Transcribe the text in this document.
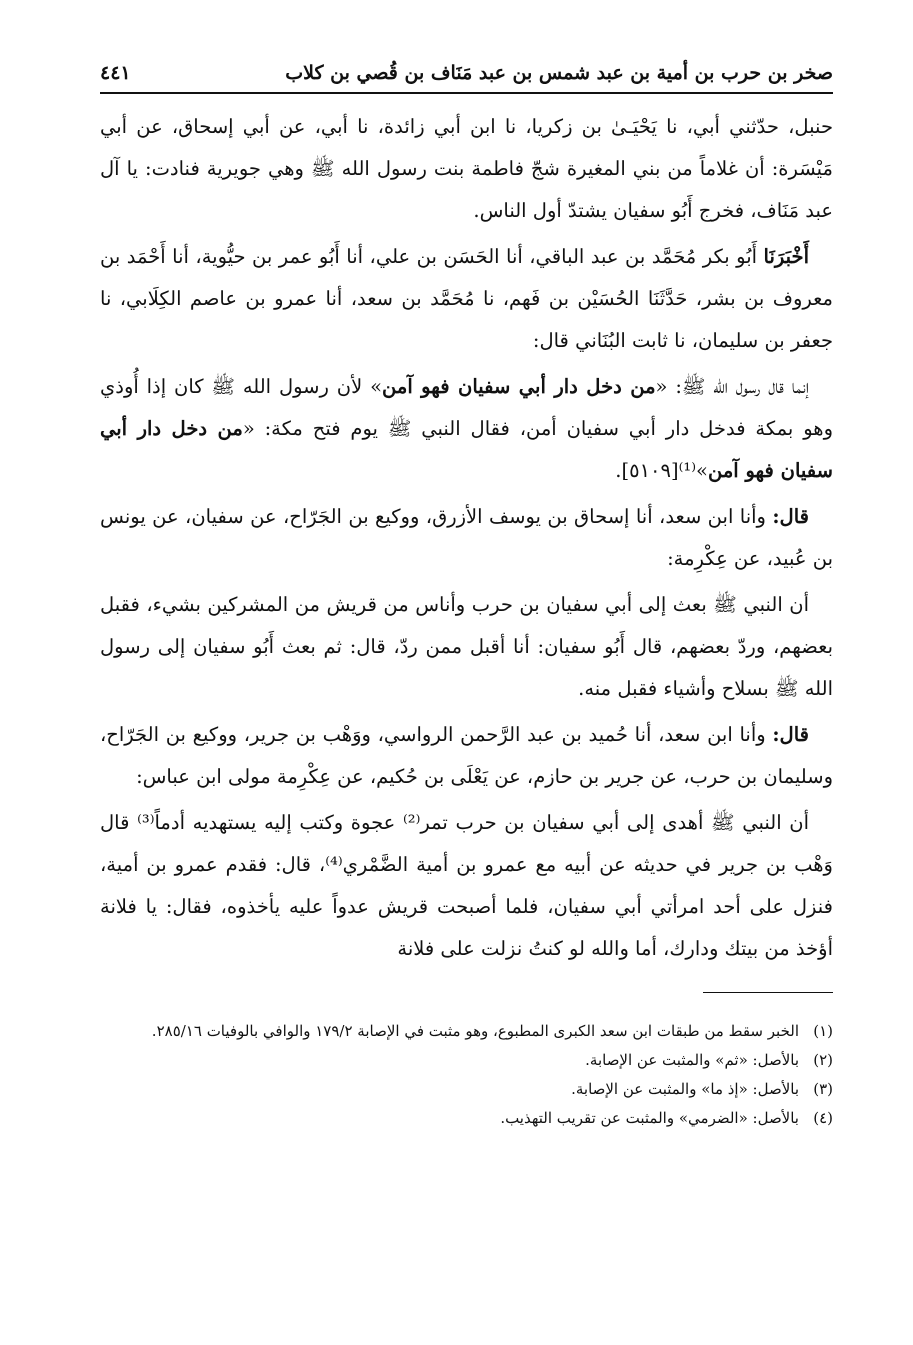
صخر بن حرب بن أمية بن عبد شمس بن عبد مَنَاف بن قُصي بن كلاب
٤٤١

حنبل، حدّثني أبي، نا يَحْيَـىٰ بن زكريا، نا ابن أبي زائدة، نا أبي، عن أبي إسحاق، عن أبي مَيْسَرة: أن غلاماً من بني المغيرة شجّ فاطمة بنت رسول الله ﷺ وهي جويرية فنادت: يا آل عبد مَنَاف، فخرج أَبُو سفيان يشتدّ أول الناس.

أَخْبَرَنَا أَبُو بكر مُحَمَّد بن عبد الباقي، أنا الحَسَن بن علي، أنا أَبُو عمر بن حيُّوية، أنا أَحْمَد بن معروف بن بشر، حَدَّثَنَا الحُسَيْن بن فَهم، نا مُحَمَّد بن سعد، أنا عمرو بن عاصم الكِلَابي، نا جعفر بن سليمان، نا ثابت البُنَاني قال:

إنما قال رسول الله ﷺ: «من دخل دار أبي سفيان فهو آمن» لأن رسول الله ﷺ كان إذا أُوذي وهو بمكة فدخل دار أبي سفيان أمن، فقال النبي ﷺ يوم فتح مكة: «من دخل دار أبي سفيان فهو آمن»⁽¹⁾[٥١٠٩].

قال: وأنا ابن سعد، أنا إسحاق بن يوسف الأزرق، ووكيع بن الجَرّاح، عن سفيان، عن يونس بن عُبيد، عن عِكْرِمة:

أن النبي ﷺ بعث إلى أبي سفيان بن حرب وأناس من قريش من المشركين بشيء، فقبل بعضهم، وردّ بعضهم، قال أَبُو سفيان: أنا أقبل ممن ردّ، قال: ثم بعث أَبُو سفيان إلى رسول الله ﷺ بسلاح وأشياء فقبل منه.

قال: وأنا ابن سعد، أنا حُميد بن عبد الرَّحمن الرواسي، ووَهْب بن جرير، ووكيع بن الجَرّاح، وسليمان بن حرب، عن جرير بن حازم، عن يَعْلَى بن حُكيم، عن عِكْرِمة مولى ابن عباس:

أن النبي ﷺ أهدى إلى أبي سفيان بن حرب تمر⁽²⁾ عجوة وكتب إليه يستهديه أدماً⁽³⁾ قال وَهْب بن جرير في حديثه عن أبيه مع عمرو بن أمية الضَّمْري⁽⁴⁾، قال: فقدم عمرو بن أمية، فنزل على أحد امرأتي أبي سفيان، فلما أصبحت قريش عدواً عليه يأخذوه، فقال: يا فلانة أؤخذ من بيتك ودارك، أما والله لو كنتُ نزلت على فلانة

(١)
الخبر سقط من طبقات ابن سعد الكبرى المطبوع، وهو مثبت في الإصابة ١٧٩/٢ والوافي بالوفيات ٢٨٥/١٦.
(٢)
بالأصل: «ثم» والمثبت عن الإصابة.
(٣)
بالأصل: «إذ ما» والمثبت عن الإصابة.
(٤)
بالأصل: «الضرمي» والمثبت عن تقريب التهذيب.
